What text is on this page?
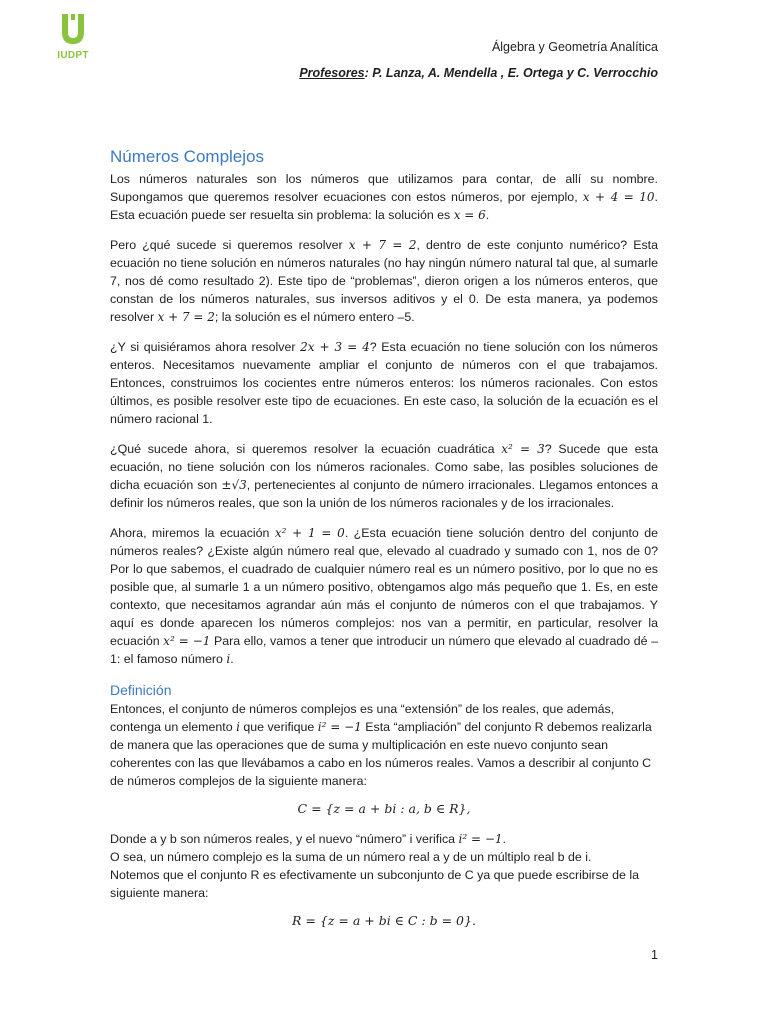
IUDPT
Álgebra y Geometría Analítica
Profesores: P. Lanza, A. Mendella , E. Ortega y C. Verrocchio
Números Complejos

Los números naturales son los números que utilizamos para contar, de allí su nombre. Supongamos que queremos resolver ecuaciones con estos números, por ejemplo, x + 4 = 10. Esta ecuación puede ser resuelta sin problema: la solución es x = 6.

Pero ¿qué sucede si queremos resolver x + 7 = 2, dentro de este conjunto numérico? Esta ecuación no tiene solución en números naturales (no hay ningún número natural tal que, al sumarle 7, nos dé como resultado 2). Este tipo de “problemas”, dieron origen a los números enteros, que constan de los números naturales, sus inversos aditivos y el 0. De esta manera, ya podemos resolver x + 7 = 2; la solución es el número entero –5.

¿Y si quisiéramos ahora resolver 2x + 3 = 4? Esta ecuación no tiene solución con los números enteros. Necesitamos nuevamente ampliar el conjunto de números con el que trabajamos. Entonces, construimos los cocientes entre números enteros: los números racionales. Con estos últimos, es posible resolver este tipo de ecuaciones. En este caso, la solución de la ecuación es el número racional 1.

¿Qué sucede ahora, si queremos resolver la ecuación cuadrática x² = 3? Sucede que esta ecuación, no tiene solución con los números racionales. Como sabe, las posibles soluciones de dicha ecuación son ±√3, pertenecientes al conjunto de número irracionales. Llegamos entonces a definir los números reales, que son la unión de los números racionales y de los irracionales.

Ahora, miremos la ecuación x² + 1 = 0. ¿Esta ecuación tiene solución dentro del conjunto de números reales? ¿Existe algún número real que, elevado al cuadrado y sumado con 1, nos de 0? Por lo que sabemos, el cuadrado de cualquier número real es un número positivo, por lo que no es posible que, al sumarle 1 a un número positivo, obtengamos algo más pequeño que 1. Es, en este contexto, que necesitamos agrandar aún más el conjunto de números con el que trabajamos. Y aquí es donde aparecen los números complejos: nos van a permitir, en particular, resolver la ecuación x² = −1 Para ello, vamos a tener que introducir un número que elevado al cuadrado dé –1: el famoso número i.

Definición

Entonces, el conjunto de números complejos es una “extensión” de los reales, que además, contenga un elemento i que verifique i² = −1 Esta “ampliación” del conjunto R debemos realizarla de manera que las operaciones que de suma y multiplicación en este nuevo conjunto sean coherentes con las que llevábamos a cabo en los números reales. Vamos a describir al conjunto C de números complejos de la siguiente manera:

C = {z = a + bi : a, b ∈ R},

Donde a y b son números reales, y el nuevo “número” i verifica i² = −1.

O sea, un número complejo es la suma de un número real a y de un múltiplo real b de i.

Notemos que el conjunto R es efectivamente un subconjunto de C ya que puede escribirse de la siguiente manera:

R = {z = a + bi ∈ C : b = 0}.
1
